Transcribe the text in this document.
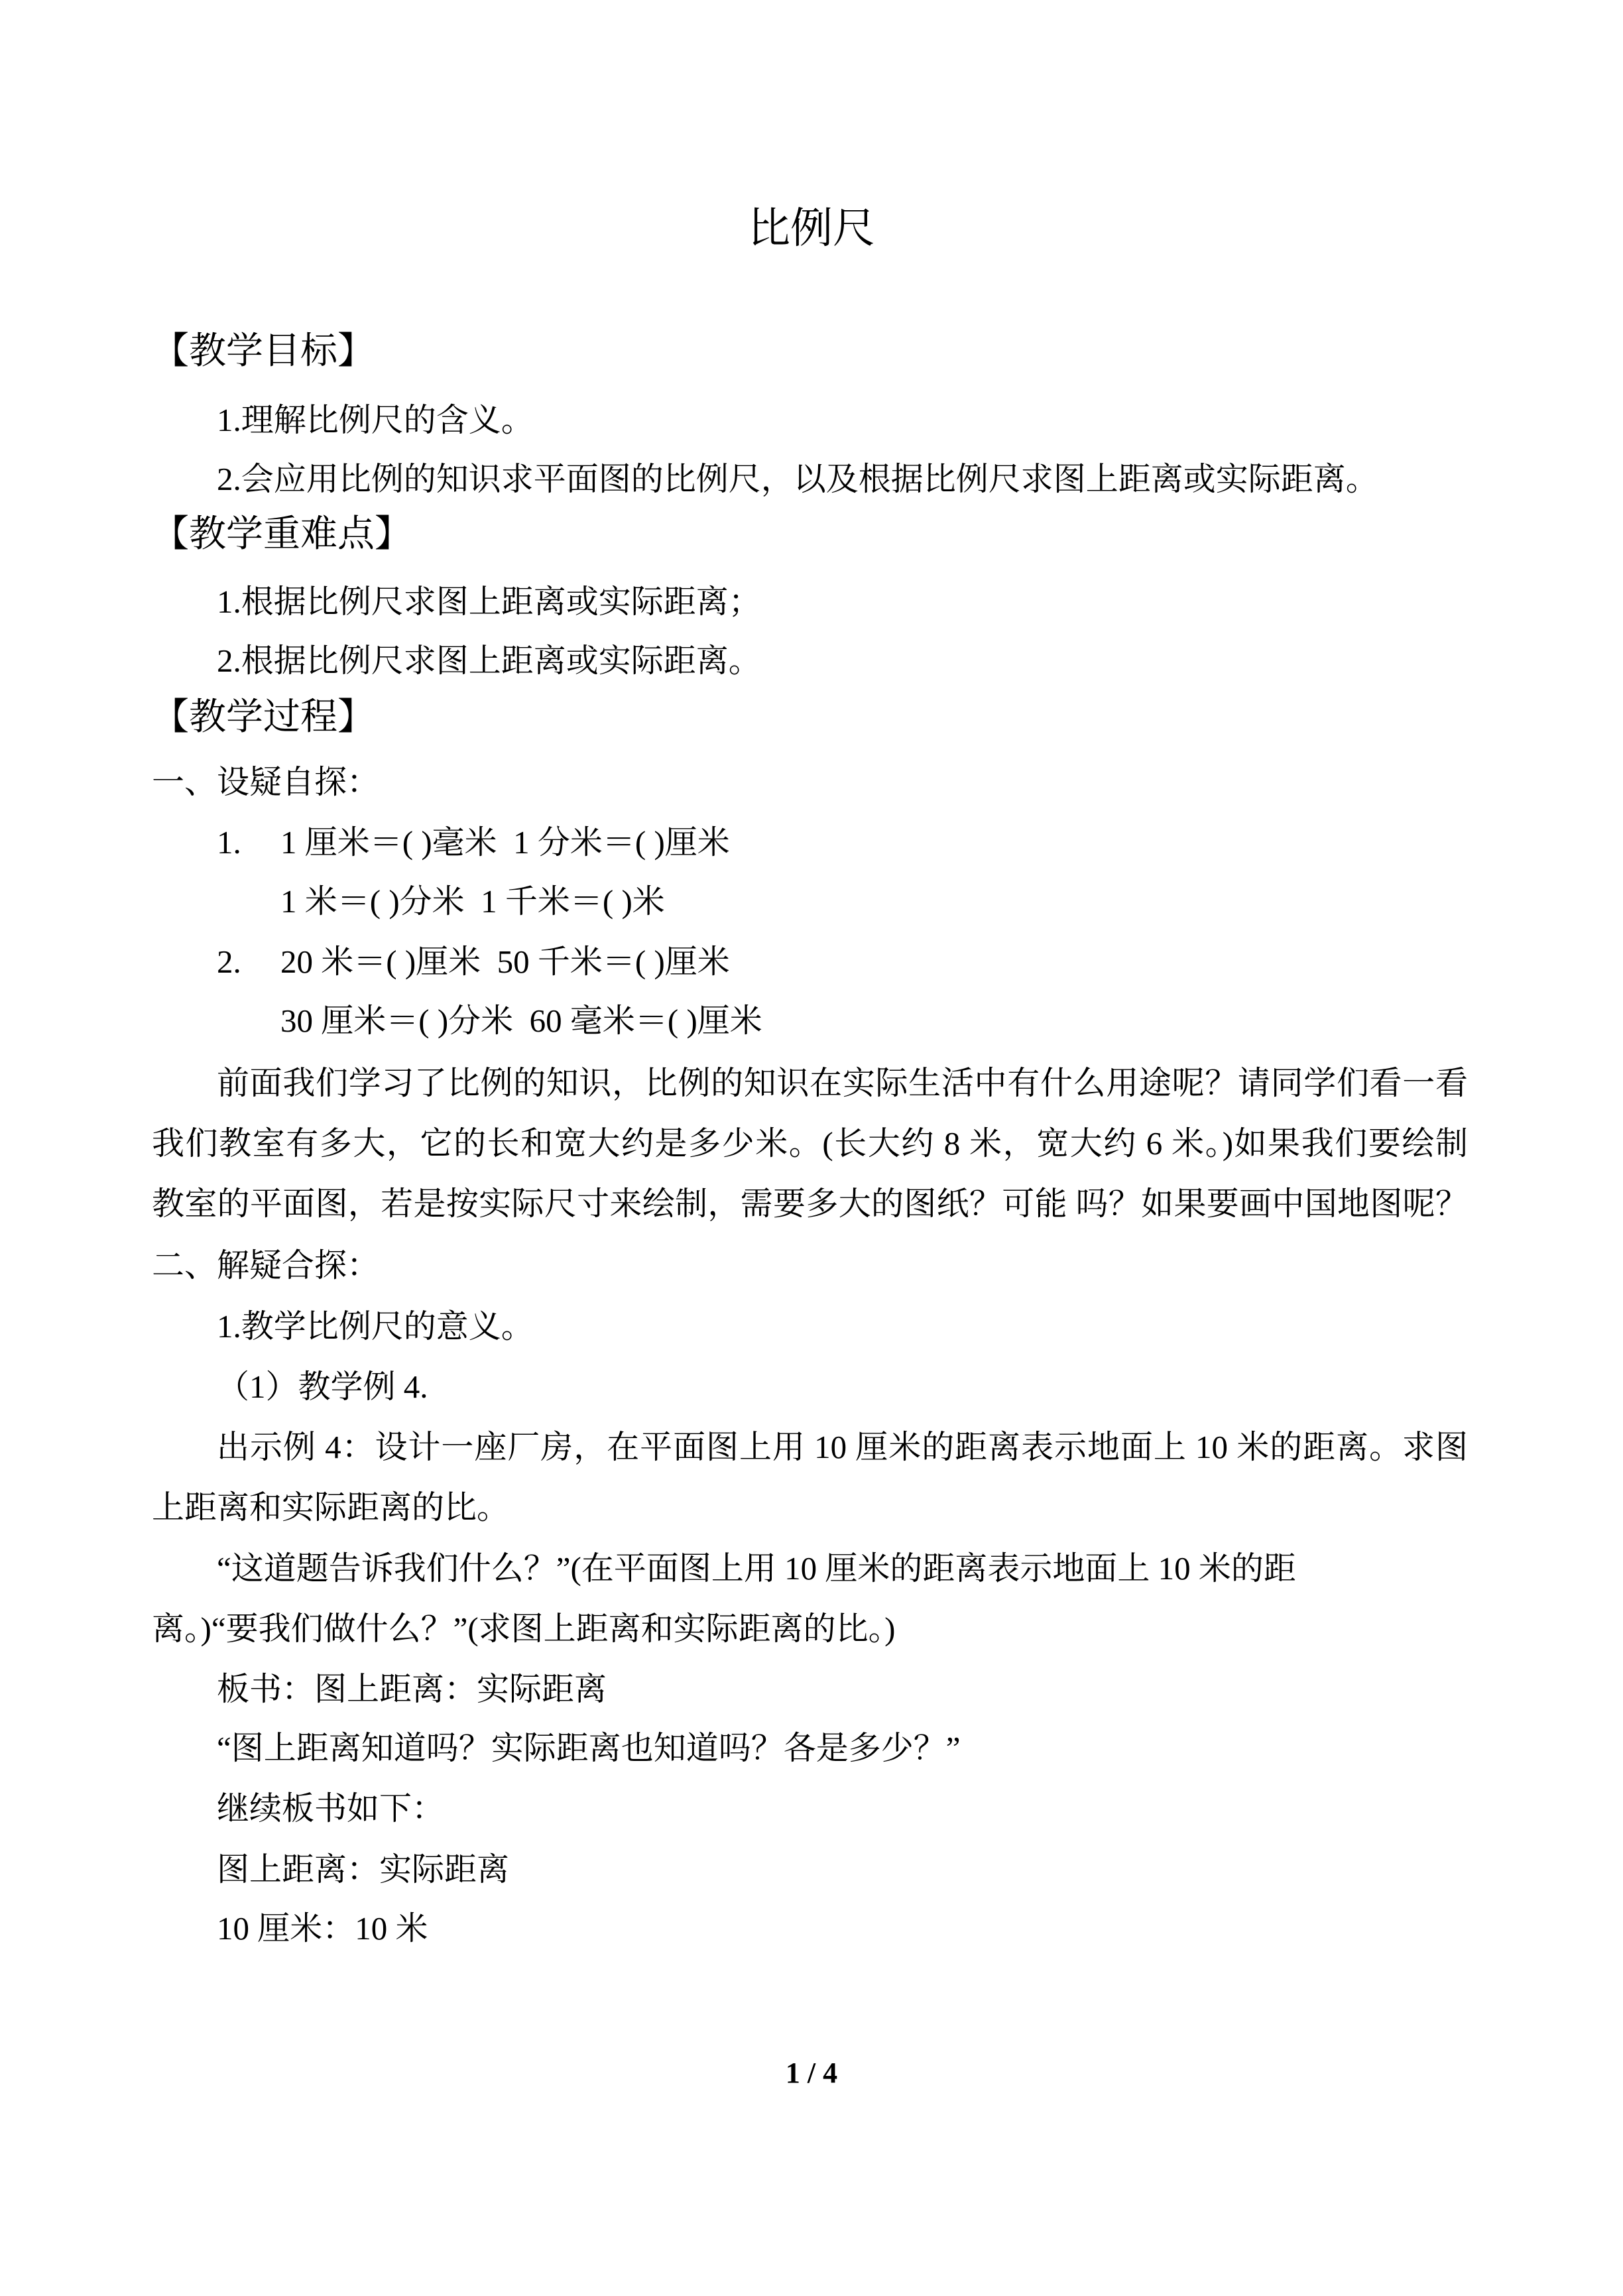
比例尺
【教学目标】
1.理解比例尺的含义。
2.会应用比例的知识求平面图的比例尺，以及根据比例尺求图上距离或实际距离。
【教学重难点】
1.根据比例尺求图上距离或实际距离；
2.根据比例尺求图上距离或实际距离。
【教学过程】
一、设疑自探：
1. 1 厘米＝( )毫米  1 分米＝( )厘米
1 米＝( )分米  1 千米＝( )米
2. 20 米＝( )厘米  50 千米＝( )厘米
30 厘米＝( )分米  60 毫米＝( )厘米
前面我们学习了比例的知识，比例的知识在实际生活中有什么用途呢？请同学们看一看
我们教室有多大，它的长和宽大约是多少米。(长大约 8 米，宽大约 6 米。)如果我们要绘制
教室的平面图，若是按实际尺寸来绘制，需要多大的图纸？可能 吗？如果要画中国地图呢？
二、解疑合探：
1.教学比例尺的意义。
（1）教学例 4.
出示例 4：设计一座厂房，在平面图上用 10 厘米的距离表示地面上 10 米的距离。求图
上距离和实际距离的比。
“这道题告诉我们什么？”(在平面图上用 10 厘米的距离表示地面上 10 米的距
离。)“要我们做什么？”(求图上距离和实际距离的比。)
板书：图上距离：实际距离
“图上距离知道吗？实际距离也知道吗？各是多少？”
继续板书如下：
图上距离：实际距离
10 厘米：10 米
1 / 4
